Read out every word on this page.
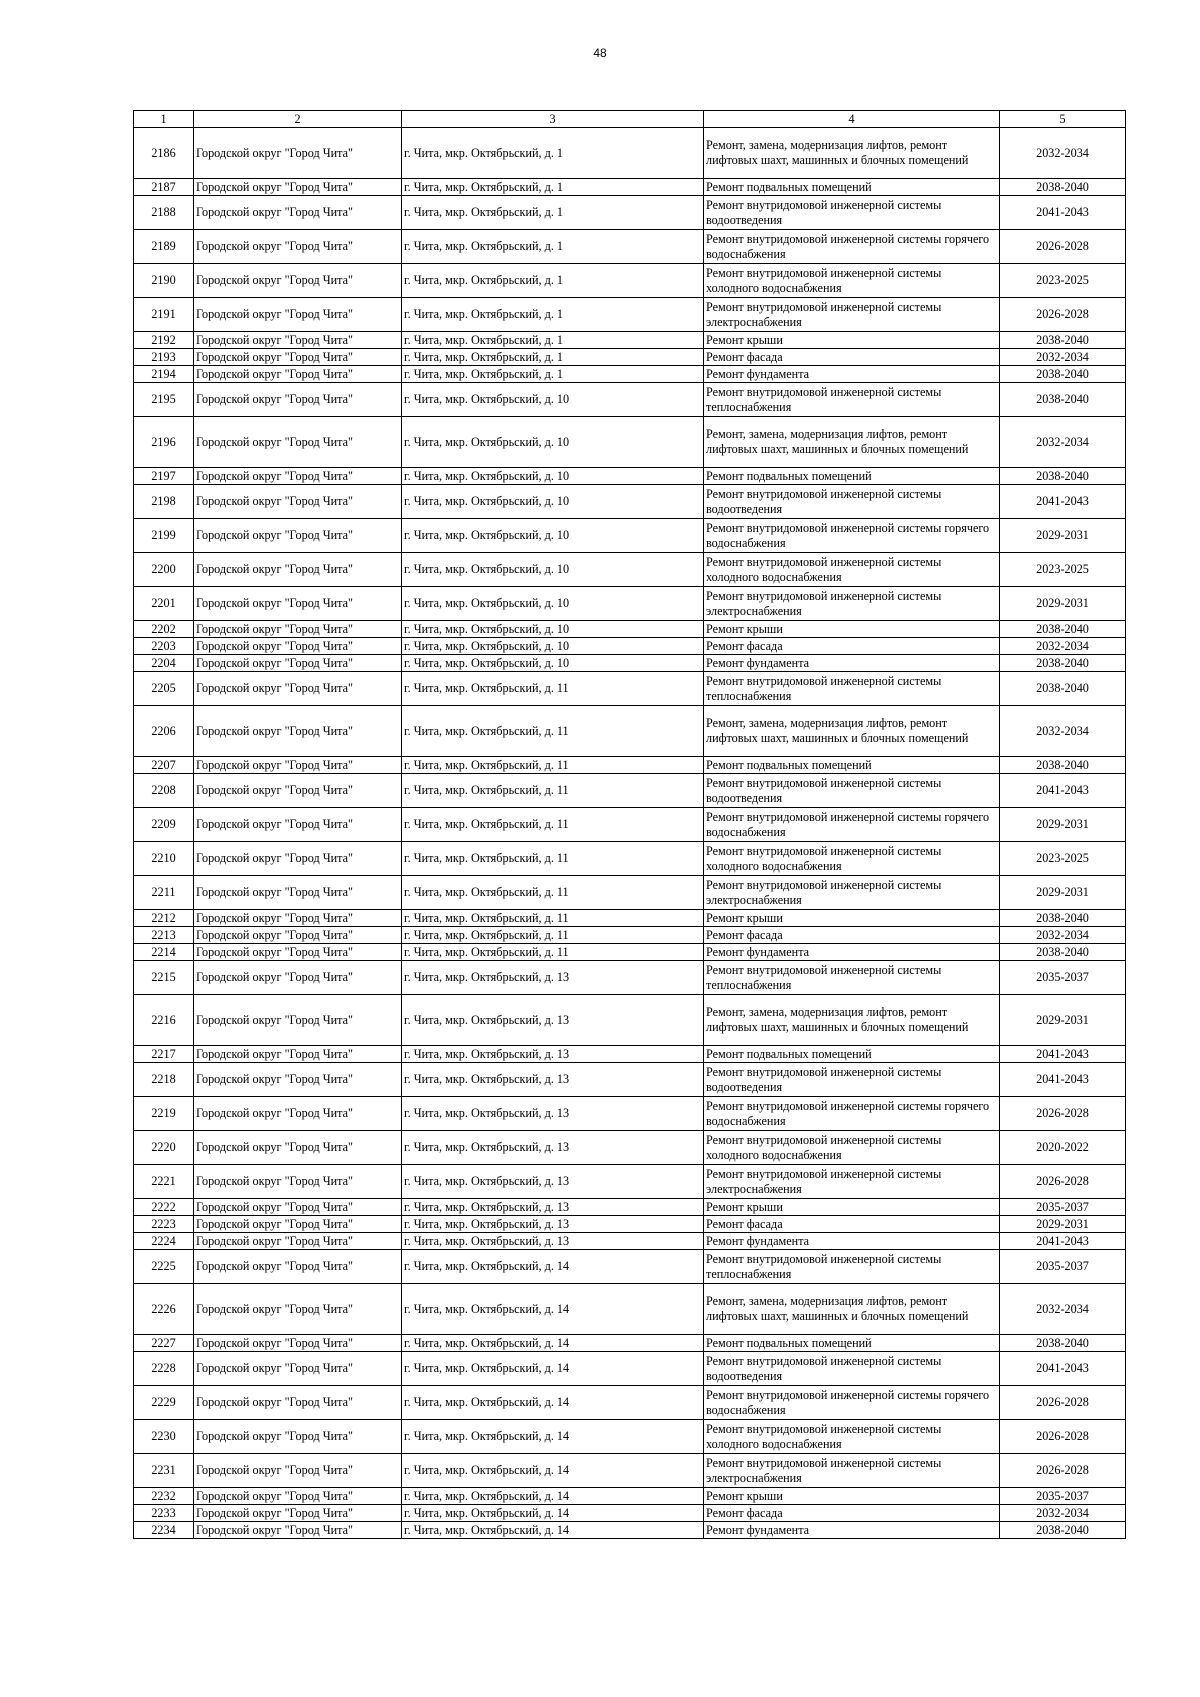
48
1	2	3	4	5
2186	Городской округ "Город Чита"	г. Чита, мкр. Октябрьский, д. 1	Ремонт, замена, модернизация лифтов, ремонт лифтовых шахт, машинных и блочных помещений	2032-2034
2187	Городской округ "Город Чита"	г. Чита, мкр. Октябрьский, д. 1	Ремонт подвальных помещений	2038-2040
2188	Городской округ "Город Чита"	г. Чита, мкр. Октябрьский, д. 1	Ремонт внутридомовой инженерной системы водоотведения	2041-2043
2189	Городской округ "Город Чита"	г. Чита, мкр. Октябрьский, д. 1	Ремонт внутридомовой инженерной системы горячего водоснабжения	2026-2028
2190	Городской округ "Город Чита"	г. Чита, мкр. Октябрьский, д. 1	Ремонт внутридомовой инженерной системы холодного водоснабжения	2023-2025
2191	Городской округ "Город Чита"	г. Чита, мкр. Октябрьский, д. 1	Ремонт внутридомовой инженерной системы электроснабжения	2026-2028
2192	Городской округ "Город Чита"	г. Чита, мкр. Октябрьский, д. 1	Ремонт крыши	2038-2040
2193	Городской округ "Город Чита"	г. Чита, мкр. Октябрьский, д. 1	Ремонт фасада	2032-2034
2194	Городской округ "Город Чита"	г. Чита, мкр. Октябрьский, д. 1	Ремонт фундамента	2038-2040
2195	Городской округ "Город Чита"	г. Чита, мкр. Октябрьский, д. 10	Ремонт внутридомовой инженерной системы теплоснабжения	2038-2040
2196	Городской округ "Город Чита"	г. Чита, мкр. Октябрьский, д. 10	Ремонт, замена, модернизация лифтов, ремонт лифтовых шахт, машинных и блочных помещений	2032-2034
2197	Городской округ "Город Чита"	г. Чита, мкр. Октябрьский, д. 10	Ремонт подвальных помещений	2038-2040
2198	Городской округ "Город Чита"	г. Чита, мкр. Октябрьский, д. 10	Ремонт внутридомовой инженерной системы водоотведения	2041-2043
2199	Городской округ "Город Чита"	г. Чита, мкр. Октябрьский, д. 10	Ремонт внутридомовой инженерной системы горячего водоснабжения	2029-2031
2200	Городской округ "Город Чита"	г. Чита, мкр. Октябрьский, д. 10	Ремонт внутридомовой инженерной системы холодного водоснабжения	2023-2025
2201	Городской округ "Город Чита"	г. Чита, мкр. Октябрьский, д. 10	Ремонт внутридомовой инженерной системы электроснабжения	2029-2031
2202	Городской округ "Город Чита"	г. Чита, мкр. Октябрьский, д. 10	Ремонт крыши	2038-2040
2203	Городской округ "Город Чита"	г. Чита, мкр. Октябрьский, д. 10	Ремонт фасада	2032-2034
2204	Городской округ "Город Чита"	г. Чита, мкр. Октябрьский, д. 10	Ремонт фундамента	2038-2040
2205	Городской округ "Город Чита"	г. Чита, мкр. Октябрьский, д. 11	Ремонт внутридомовой инженерной системы теплоснабжения	2038-2040
2206	Городской округ "Город Чита"	г. Чита, мкр. Октябрьский, д. 11	Ремонт, замена, модернизация лифтов, ремонт лифтовых шахт, машинных и блочных помещений	2032-2034
2207	Городской округ "Город Чита"	г. Чита, мкр. Октябрьский, д. 11	Ремонт подвальных помещений	2038-2040
2208	Городской округ "Город Чита"	г. Чита, мкр. Октябрьский, д. 11	Ремонт внутридомовой инженерной системы водоотведения	2041-2043
2209	Городской округ "Город Чита"	г. Чита, мкр. Октябрьский, д. 11	Ремонт внутридомовой инженерной системы горячего водоснабжения	2029-2031
2210	Городской округ "Город Чита"	г. Чита, мкр. Октябрьский, д. 11	Ремонт внутридомовой инженерной системы холодного водоснабжения	2023-2025
2211	Городской округ "Город Чита"	г. Чита, мкр. Октябрьский, д. 11	Ремонт внутридомовой инженерной системы электроснабжения	2029-2031
2212	Городской округ "Город Чита"	г. Чита, мкр. Октябрьский, д. 11	Ремонт крыши	2038-2040
2213	Городской округ "Город Чита"	г. Чита, мкр. Октябрьский, д. 11	Ремонт фасада	2032-2034
2214	Городской округ "Город Чита"	г. Чита, мкр. Октябрьский, д. 11	Ремонт фундамента	2038-2040
2215	Городской округ "Город Чита"	г. Чита, мкр. Октябрьский, д. 13	Ремонт внутридомовой инженерной системы теплоснабжения	2035-2037
2216	Городской округ "Город Чита"	г. Чита, мкр. Октябрьский, д. 13	Ремонт, замена, модернизация лифтов, ремонт лифтовых шахт, машинных и блочных помещений	2029-2031
2217	Городской округ "Город Чита"	г. Чита, мкр. Октябрьский, д. 13	Ремонт подвальных помещений	2041-2043
2218	Городской округ "Город Чита"	г. Чита, мкр. Октябрьский, д. 13	Ремонт внутридомовой инженерной системы водоотведения	2041-2043
2219	Городской округ "Город Чита"	г. Чита, мкр. Октябрьский, д. 13	Ремонт внутридомовой инженерной системы горячего водоснабжения	2026-2028
2220	Городской округ "Город Чита"	г. Чита, мкр. Октябрьский, д. 13	Ремонт внутридомовой инженерной системы холодного водоснабжения	2020-2022
2221	Городской округ "Город Чита"	г. Чита, мкр. Октябрьский, д. 13	Ремонт внутридомовой инженерной системы электроснабжения	2026-2028
2222	Городской округ "Город Чита"	г. Чита, мкр. Октябрьский, д. 13	Ремонт крыши	2035-2037
2223	Городской округ "Город Чита"	г. Чита, мкр. Октябрьский, д. 13	Ремонт фасада	2029-2031
2224	Городской округ "Город Чита"	г. Чита, мкр. Октябрьский, д. 13	Ремонт фундамента	2041-2043
2225	Городской округ "Город Чита"	г. Чита, мкр. Октябрьский, д. 14	Ремонт внутридомовой инженерной системы теплоснабжения	2035-2037
2226	Городской округ "Город Чита"	г. Чита, мкр. Октябрьский, д. 14	Ремонт, замена, модернизация лифтов, ремонт лифтовых шахт, машинных и блочных помещений	2032-2034
2227	Городской округ "Город Чита"	г. Чита, мкр. Октябрьский, д. 14	Ремонт подвальных помещений	2038-2040
2228	Городской округ "Город Чита"	г. Чита, мкр. Октябрьский, д. 14	Ремонт внутридомовой инженерной системы водоотведения	2041-2043
2229	Городской округ "Город Чита"	г. Чита, мкр. Октябрьский, д. 14	Ремонт внутридомовой инженерной системы горячего водоснабжения	2026-2028
2230	Городской округ "Город Чита"	г. Чита, мкр. Октябрьский, д. 14	Ремонт внутридомовой инженерной системы холодного водоснабжения	2026-2028
2231	Городской округ "Город Чита"	г. Чита, мкр. Октябрьский, д. 14	Ремонт внутридомовой инженерной системы электроснабжения	2026-2028
2232	Городской округ "Город Чита"	г. Чита, мкр. Октябрьский, д. 14	Ремонт крыши	2035-2037
2233	Городской округ "Город Чита"	г. Чита, мкр. Октябрьский, д. 14	Ремонт фасада	2032-2034
2234	Городской округ "Город Чита"	г. Чита, мкр. Октябрьский, д. 14	Ремонт фундамента	2038-2040
